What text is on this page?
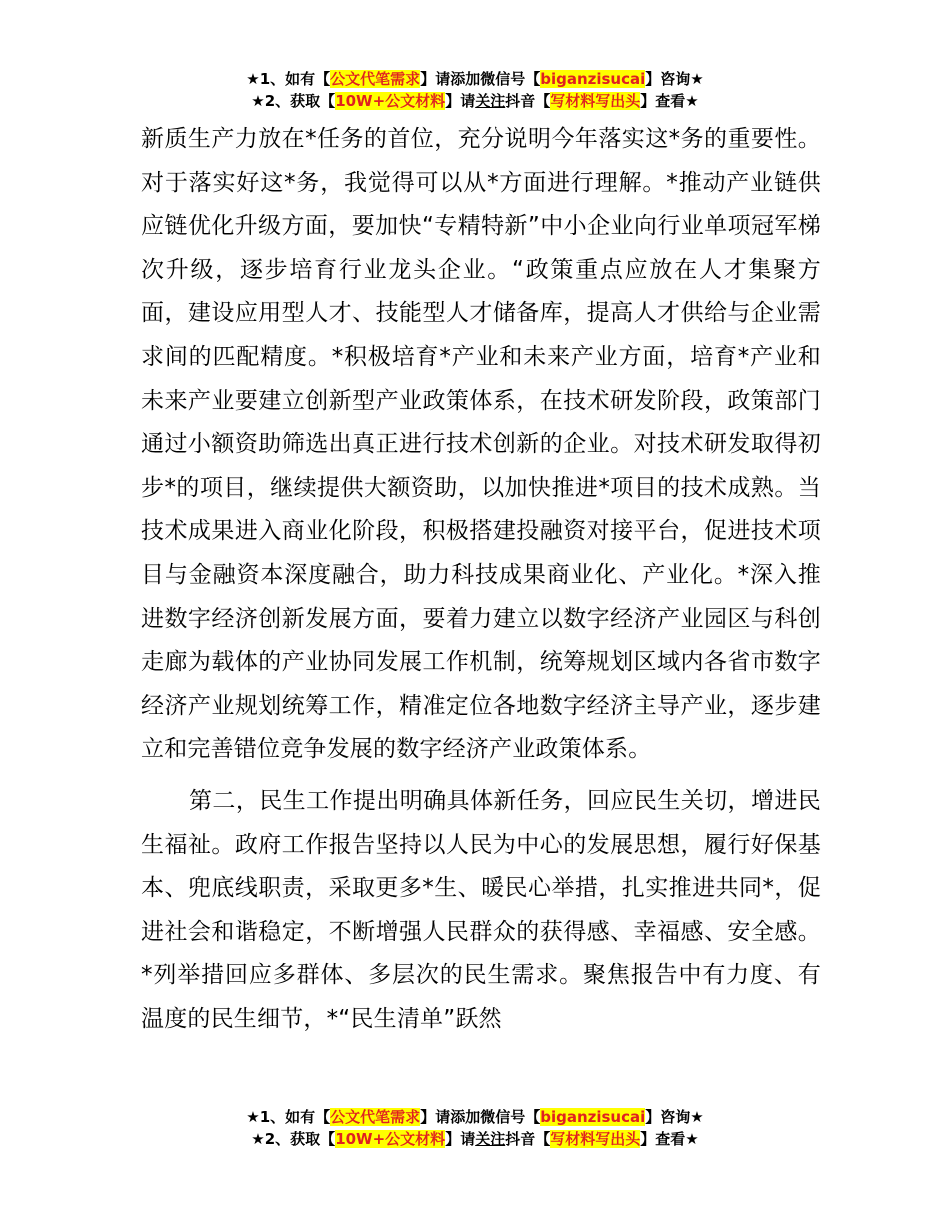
★1、如有【公文代笔需求】请添加微信号【biganzisucai】咨询★
★2、获取【10W+公文材料】请关注抖音【写材料写出头】查看★

新质生产力放在*任务的首位，充分说明今年落实这*务的重要性。对于落实好这*务，我觉得可以从*方面进行理解。*推动产业链供应链优化升级方面，要加快“专精特新”中小企业向行业单项冠军梯次升级，逐步培育行业龙头企业。“政策重点应放在人才集聚方面，建设应用型人才、技能型人才储备库，提高人才供给与企业需求间的匹配精度。*积极培育*产业和未来产业方面，培育*产业和未来产业要建立创新型产业政策体系，在技术研发阶段，政策部门通过小额资助筛选出真正进行技术创新的企业。对技术研发取得初步*的项目，继续提供大额资助，以加快推进*项目的技术成熟。当技术成果进入商业化阶段，积极搭建投融资对接平台，促进技术项目与金融资本深度融合，助力科技成果商业化、产业化。*深入推进数字经济创新发展方面，要着力建立以数字经济产业园区与科创走廊为载体的产业协同发展工作机制，统筹规划区域内各省市数字经济产业规划统筹工作，精准定位各地数字经济主导产业，逐步建立和完善错位竞争发展的数字经济产业政策体系。

第二，民生工作提出明确具体新任务，回应民生关切，增进民生福祉。政府工作报告坚持以人民为中心的发展思想，履行好保基本、兜底线职责，采取更多*生、暖民心举措，扎实推进共同*，促进社会和谐稳定，不断增强人民群众的获得感、幸福感、安全感。*列举措回应多群体、多层次的民生需求。聚焦报告中有力度、有温度的民生细节，*“民生清单”跃然

★1、如有【公文代笔需求】请添加微信号【biganzisucai】咨询★
★2、获取【10W+公文材料】请关注抖音【写材料写出头】查看★
